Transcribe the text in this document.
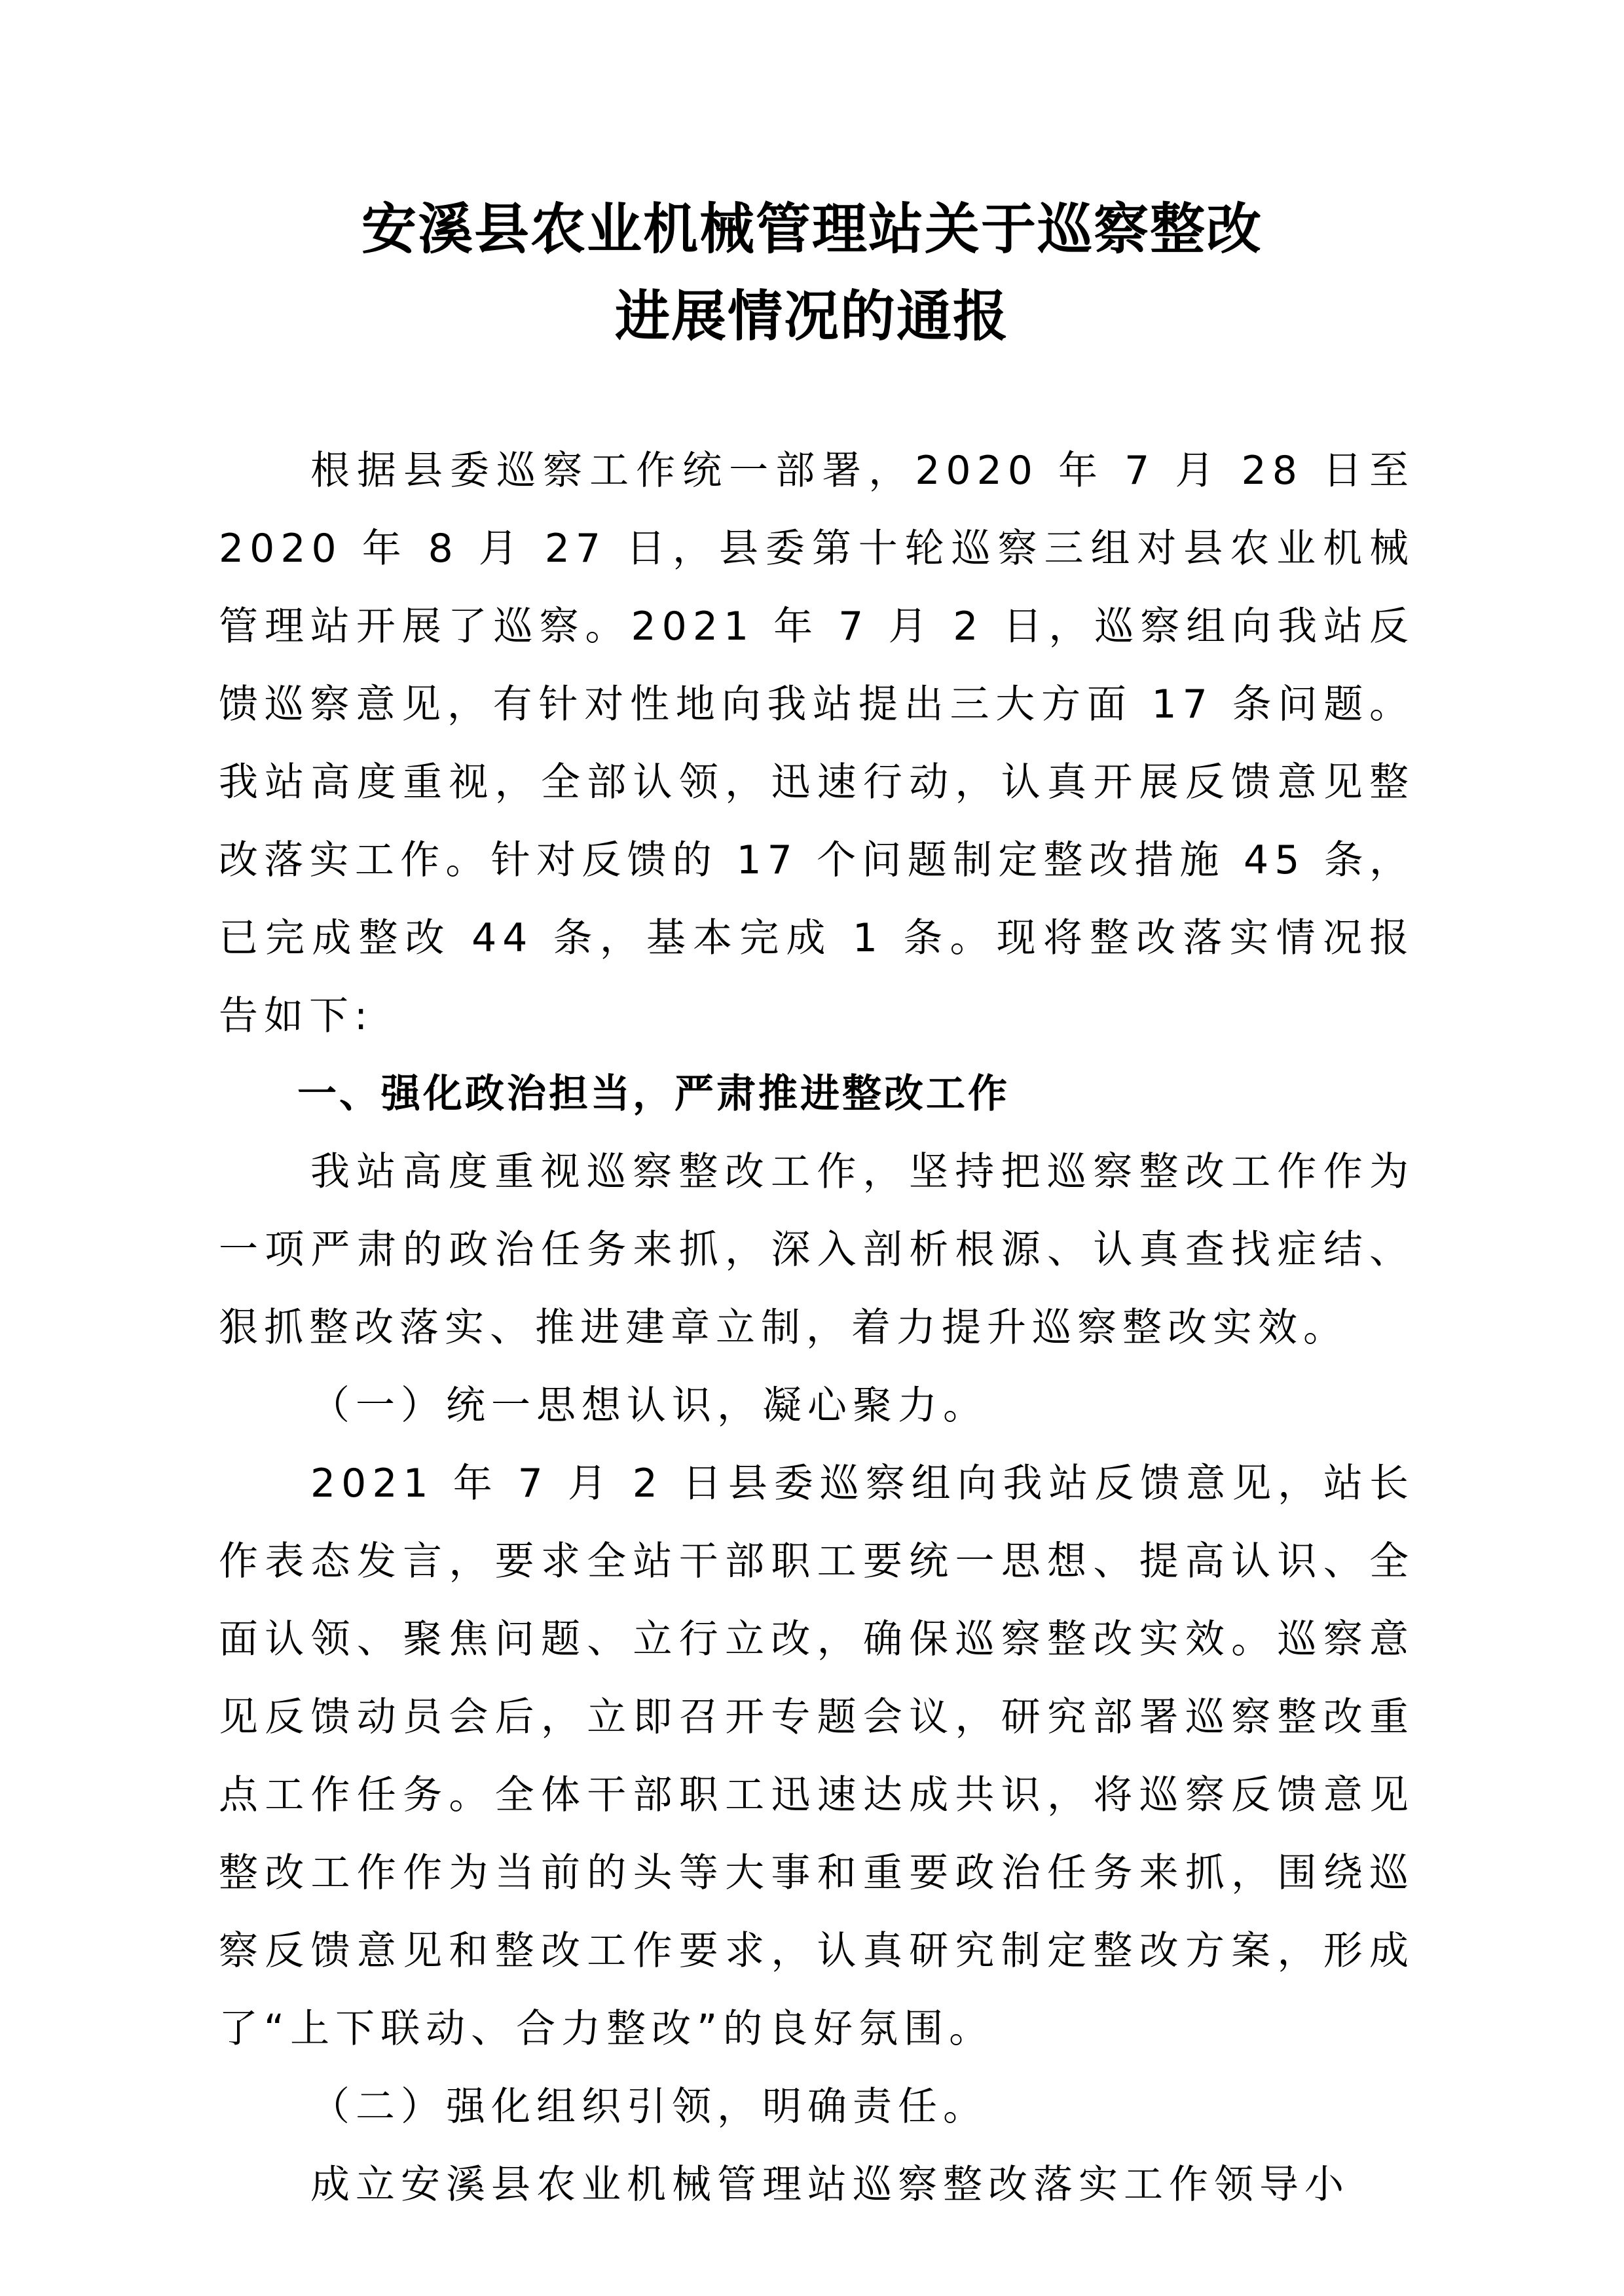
安溪县农业机械管理站关于巡察整改
进展情况的通报

根据县委巡察工作统一部署，2020 年 7 月 28 日至 2020 年 8 月 27 日，县委第十轮巡察三组对县农业机械管理站开展了巡察。2021 年 7 月 2 日，巡察组向我站反馈巡察意见，有针对性地向我站提出三大方面 17 条问题。我站高度重视，全部认领，迅速行动，认真开展反馈意见整改落实工作。针对反馈的 17 个问题制定整改措施 45 条，已完成整改 44 条，基本完成 1 条。现将整改落实情况报告如下:

一、强化政治担当，严肃推进整改工作

我站高度重视巡察整改工作，坚持把巡察整改工作作为一项严肃的政治任务来抓，深入剖析根源、认真查找症结、狠抓整改落实、推进建章立制，着力提升巡察整改实效。

（一）统一思想认识，凝心聚力。

2021 年 7 月 2 日县委巡察组向我站反馈意见，站长作表态发言，要求全站干部职工要统一思想、提高认识、全面认领、聚焦问题、立行立改，确保巡察整改实效。巡察意见反馈动员会后，立即召开专题会议，研究部署巡察整改重点工作任务。全体干部职工迅速达成共识，将巡察反馈意见整改工作作为当前的头等大事和重要政治任务来抓，围绕巡察反馈意见和整改工作要求，认真研究制定整改方案，形成了“上下联动、合力整改”的良好氛围。

（二）强化组织引领，明确责任。

成立安溪县农业机械管理站巡察整改落实工作领导小
